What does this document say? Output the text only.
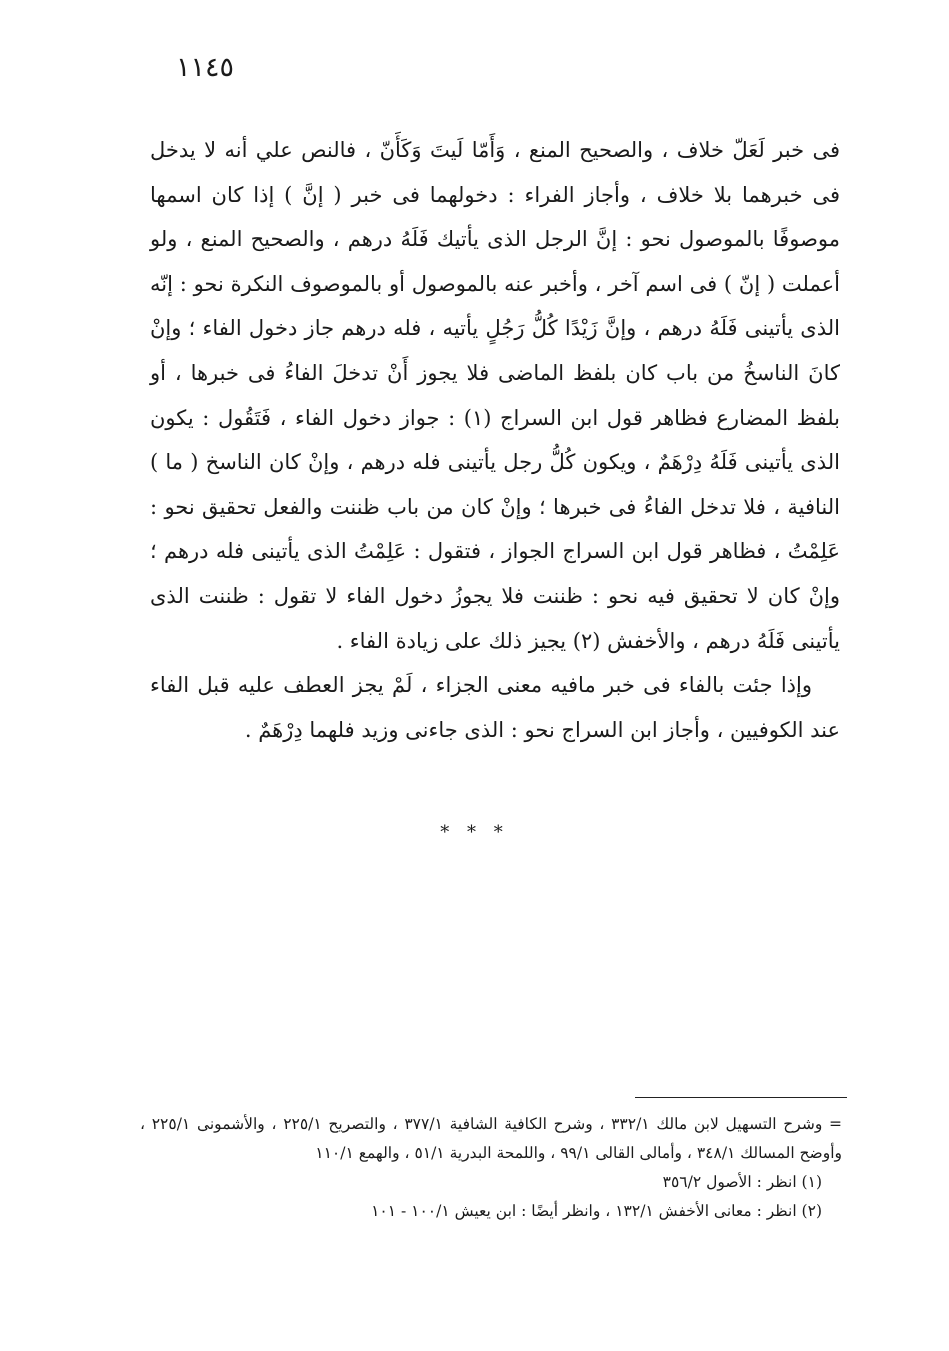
١١٤٥

فى خبر لَعَلّ خلاف ، والصحيح المنع ، وَأَمّا لَيتَ وَكَأَنّ ، فالنص علي أنه لا يدخل فى خبرهما بلا خلاف ، وأجاز الفراء : دخولهما فى خبر ( إنَّ ) إذا كان اسمها موصوفًا بالموصول نحو : إنَّ الرجل الذى يأتيك فَلَهُ درهم ، والصحيح المنع ، ولو أعملت ( إنّ ) فى اسم آخر ، وأخبر عنه بالموصول أو بالموصوف النكرة نحو : إنّه الذى يأتينى فَلَهُ درهم ، وإنَّ زَيْدًا كُلُّ رَجُلٍ يأتيه ، فله درهم جاز دخول الفاء ؛ وإنْ كانَ الناسخُ من باب كان بلفظ الماضى فلا يجوز أَنْ تدخلَ الفاءُ فى خبرها ، أو بلفظ المضارع فظاهر قول ابن السراج (١) : جواز دخول الفاء ، فَتَقُول : يكون الذى يأتينى فَلَهُ دِرْهَمٌ ، ويكون كُلُّ رجل يأتينى فله درهم ، وإنْ كان الناسخ ( ما ) النافية ، فلا تدخل الفاءُ فى خبرها ؛ وإنْ كان من باب ظننت والفعل تحقيق نحو : عَلِمْتُ ، فظاهر قول ابن السراج الجواز ، فتقول : عَلِمْتُ الذى يأتينى فله درهم ؛ وإنْ كان لا تحقيق فيه نحو : ظننت فلا يجوزُ دخول الفاء لا تقول : ظننت الذى يأتينى فَلَهُ درهم ، والأخفش (٢) يجيز ذلك على زيادة الفاء .

وإذا جئت بالفاء فى خبر مافيه معنى الجزاء ، لَمْ يجز العطف عليه قبل الفاء عند الكوفيين ، وأجاز ابن السراج نحو : الذى جاءنى وزيد فلهما دِرْهَمٌ .

* * *

= وشرح التسهيل لابن مالك ٣٣٢/١ ، وشرح الكافية الشافية ٣٧٧/١ ، والتصريح ٢٢٥/١ ، والأشمونى ٢٢٥/١ ، وأوضح المسالك ٣٤٨/١ ، وأمالى القالى ٩٩/١ ، واللمحة البدرية ٥١/١ ، والهمع ١١٠/١

(١) انظر : الأصول ٣٥٦/٢

(٢) انظر : معانى الأخفش ١٣٢/١ ، وانظر أيضًا : ابن يعيش ١٠٠/١ - ١٠١
